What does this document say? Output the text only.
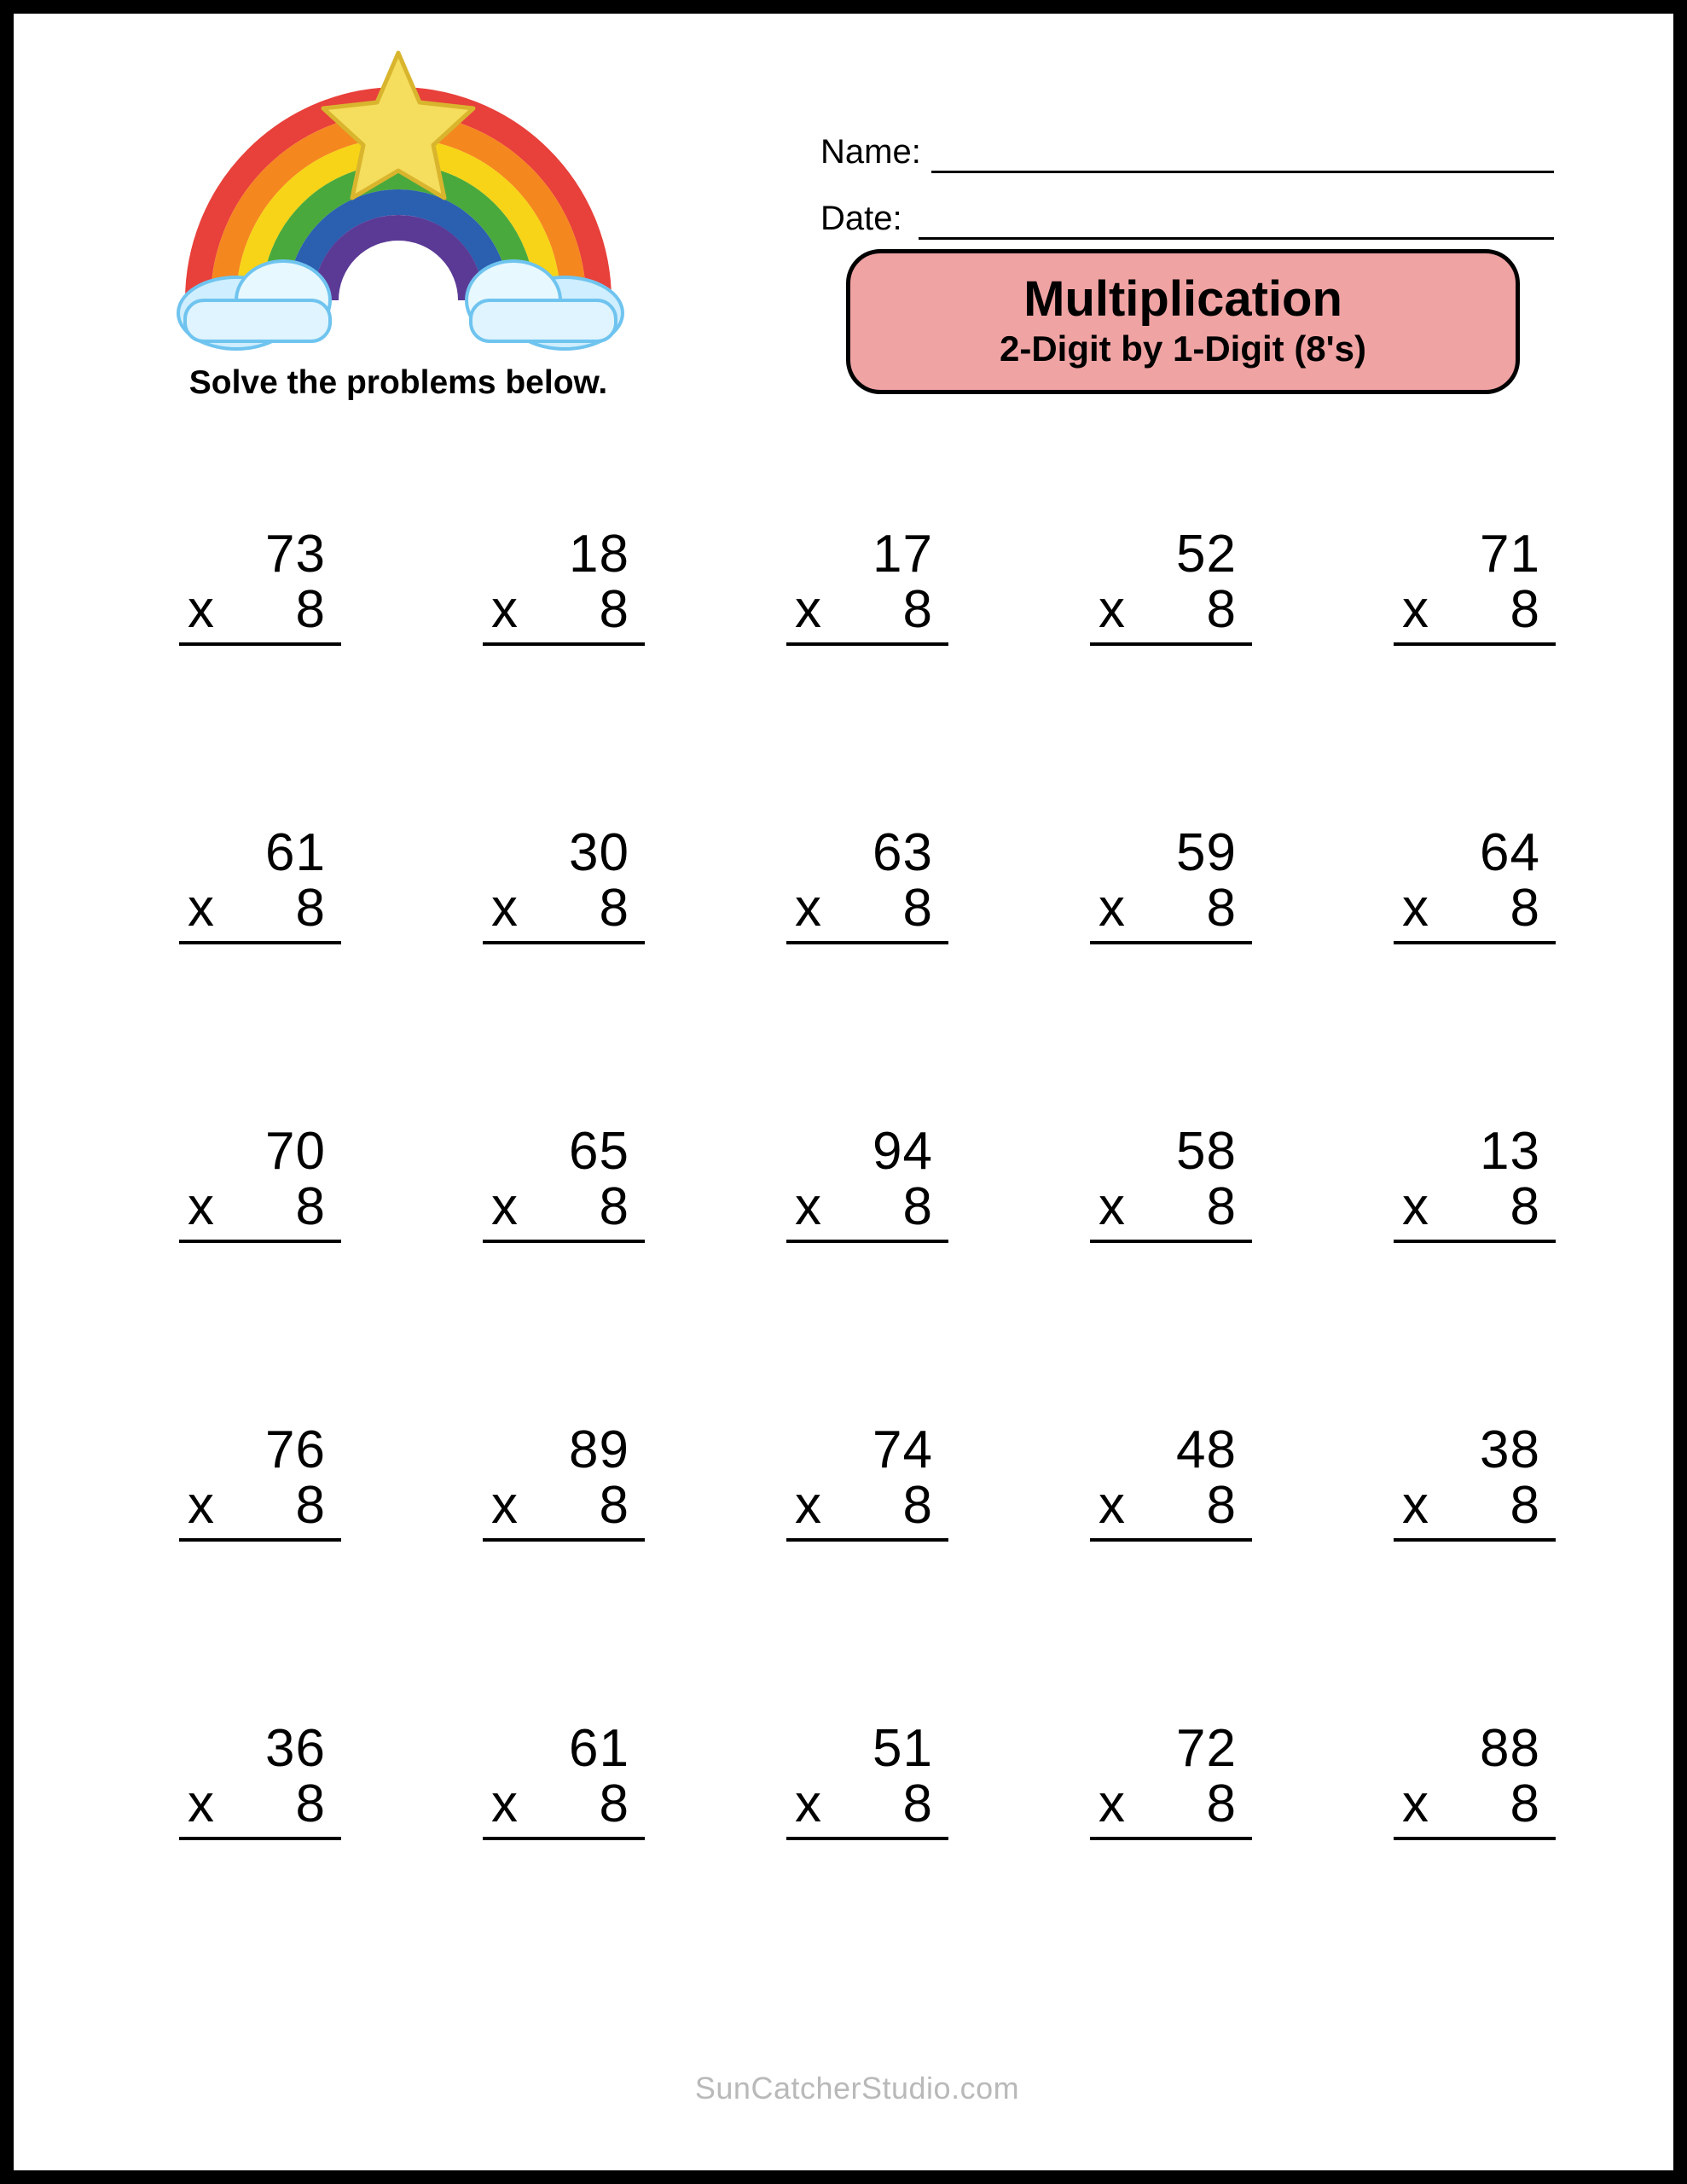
Solve the problems below.
Name:
Date:
Multiplication
2-Digit by 1-Digit (8's)
73
x 8
18
x 8
17
x 8
52
x 8
71
x 8
61
x 8
30
x 8
63
x 8
59
x 8
64
x 8
70
x 8
65
x 8
94
x 8
58
x 8
13
x 8
76
x 8
89
x 8
74
x 8
48
x 8
38
x 8
36
x 8
61
x 8
51
x 8
72
x 8
88
x 8
SunCatcherStudio.com
